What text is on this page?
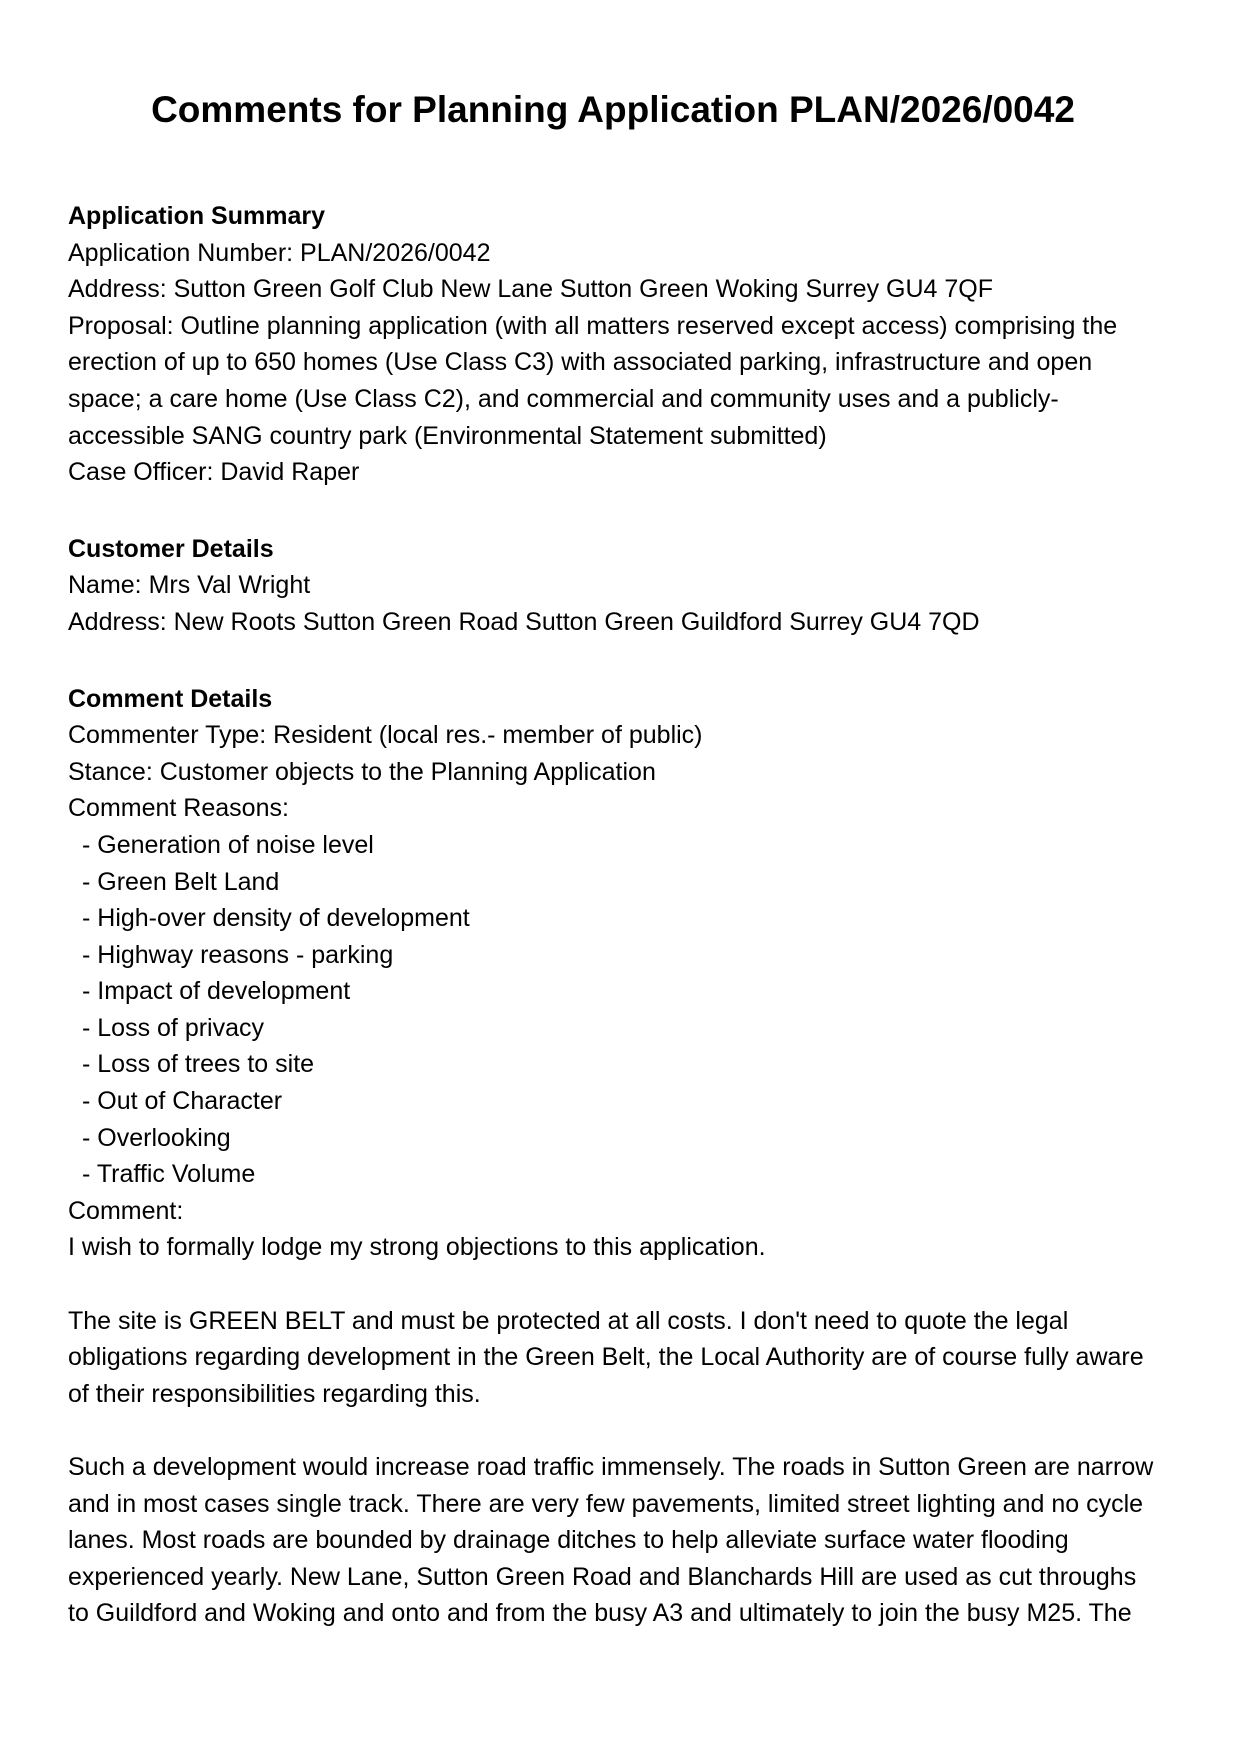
Comments for Planning Application PLAN/2026/0042
Application Summary
Application Number: PLAN/2026/0042
Address: Sutton Green Golf Club New Lane Sutton Green Woking Surrey GU4 7QF
Proposal: Outline planning application (with all matters reserved except access) comprising the erection of up to 650 homes (Use Class C3) with associated parking, infrastructure and open space; a care home (Use Class C2), and commercial and community uses and a publicly-accessible SANG country park (Environmental Statement submitted)
Case Officer: David Raper
Customer Details
Name: Mrs Val Wright
Address: New Roots Sutton Green Road Sutton Green Guildford Surrey GU4 7QD
Comment Details
Commenter Type: Resident (local res.- member of public)
Stance: Customer objects to the Planning Application
Comment Reasons:
- Generation of noise level
- Green Belt Land
- High-over density of development
- Highway reasons - parking
- Impact of development
- Loss of privacy
- Loss of trees to site
- Out of Character
- Overlooking
- Traffic Volume
Comment:

I wish to formally lodge my strong objections to this application.

The site is GREEN BELT and must be protected at all costs. I don't need to quote the legal obligations regarding development in the Green Belt, the Local Authority are of course fully aware of their responsibilities regarding this.

Such a development would increase road traffic immensely. The roads in Sutton Green are narrow and in most cases single track. There are very few pavements, limited street lighting and no cycle lanes. Most roads are bounded by drainage ditches to help alleviate surface water flooding experienced yearly. New Lane, Sutton Green Road and Blanchards Hill are used as cut throughs to Guildford and Woking and onto and from the busy A3 and ultimately to join the busy M25. The
